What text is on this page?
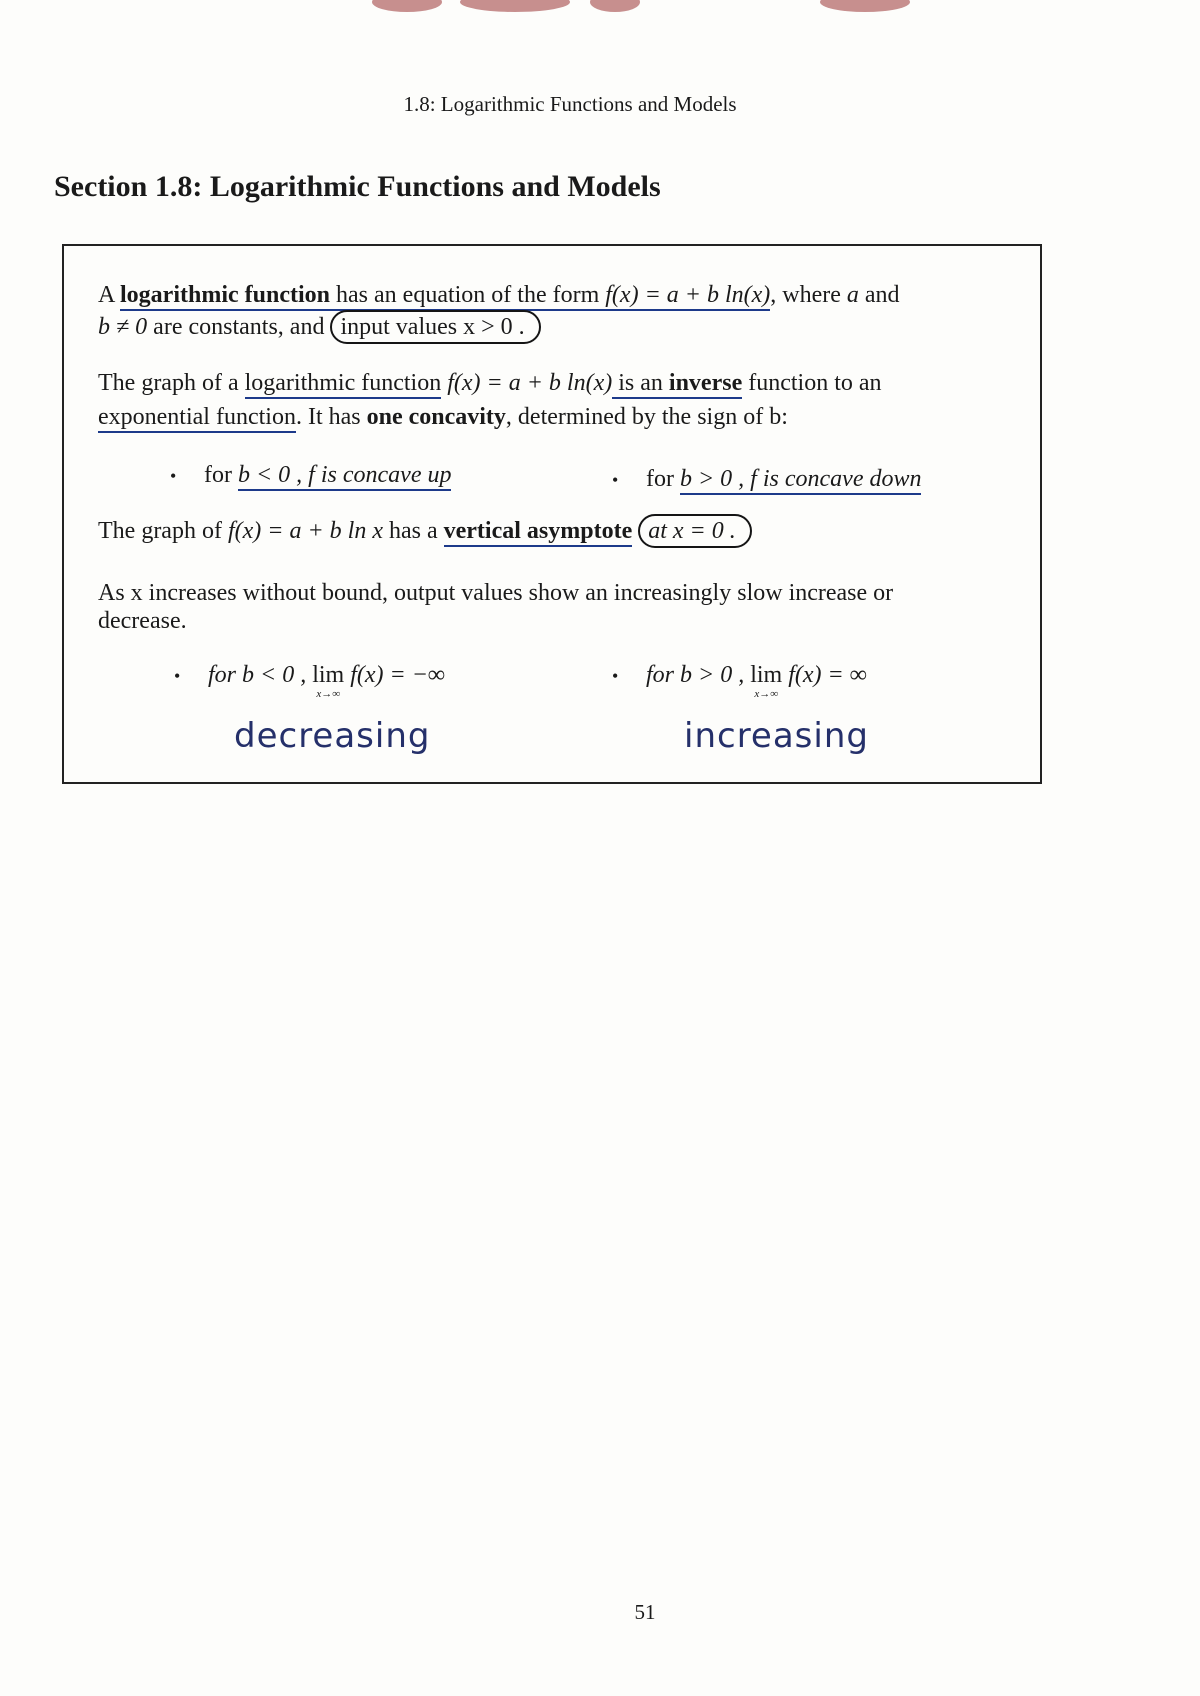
1.8: Logarithmic Functions and Models
Section 1.8: Logarithmic Functions and Models
A logarithmic function has an equation of the form f(x) = a + b ln(x), where a and
b ≠ 0 are constants, and input values x > 0 .
The graph of a logarithmic function f(x) = a + b ln(x) is an inverse function to an
exponential function. It has one concavity, determined by the sign of b:
• for b < 0 , f is concave up	• for b > 0 , f is concave down
The graph of f(x) = a + b ln x has a vertical asymptote at x = 0 .
As x increases without bound, output values show an increasingly slow increase or
decrease.
• for b < 0 , lim
x→∞
f(x) = −∞	• for b > 0 , lim
x→∞
f(x) = ∞
decreasing	increasing
51
